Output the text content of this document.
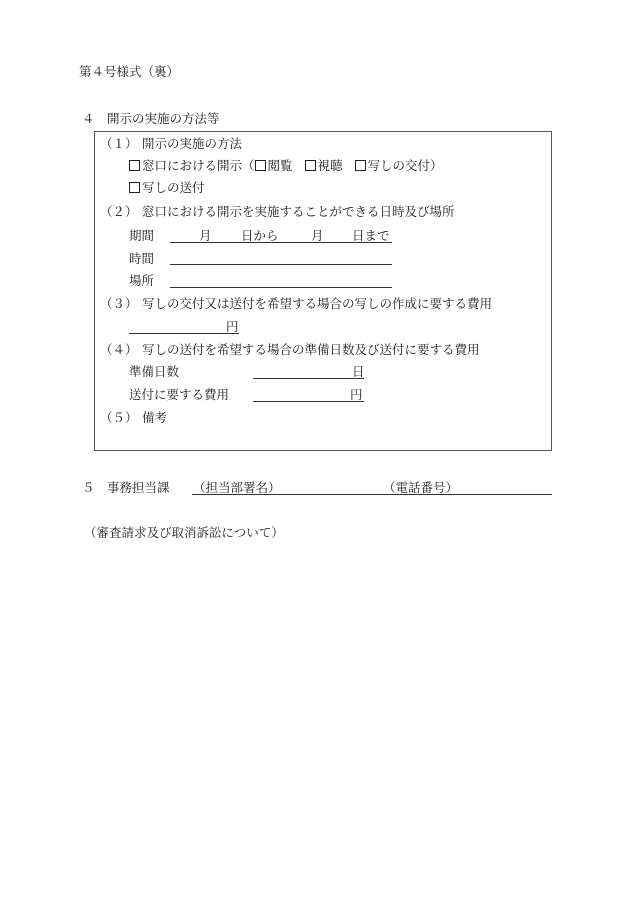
第４号様式（裏）
４ 開示の実施の方法等
（１） 開示の実施の方法
窓口における開示（ 閲覧 視聴 写しの交付）
写しの送付
（２） 窓口における開示を実施することができる日時及び場所
期間	月 日から	月 日まで
時間
場所
（３） 写しの交付又は送付を希望する場合の写しの作成に要する費用
円
（４） 写しの送付を希望する場合の準備日数及び送付に要する費用
準備日数	日
送付に要する費用	円
（５） 備考
５ 事務担当課 （担当部署名）	（電話番号）
（審査請求及び取消訴訟について）
